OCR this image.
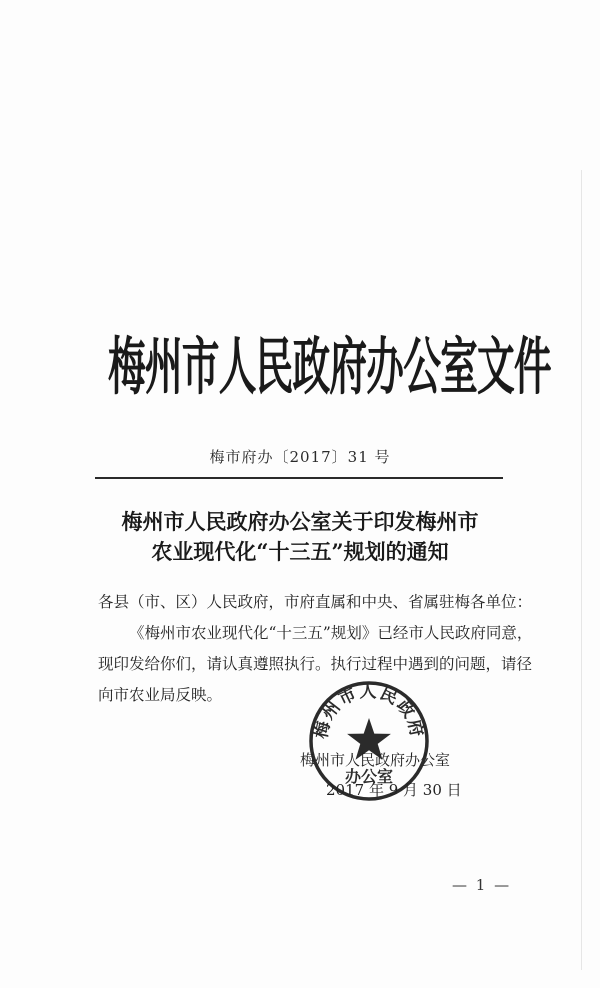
梅州市人民政府办公室文件
梅市府办〔2017〕31 号
梅州市人民政府办公室关于印发梅州市
农业现代化“十三五”规划的通知

各县（市、区）人民政府，市府直属和中央、省属驻梅各单位：

《梅州市农业现代化“十三五”规划》已经市人民政府同意，

现印发给你们，请认真遵照执行。执行过程中遇到的问题，请径

向市农业局反映。

梅州市人民政府
办公室
梅州市人民政府办公室
2017 年 9 月 30 日
— 1 —
